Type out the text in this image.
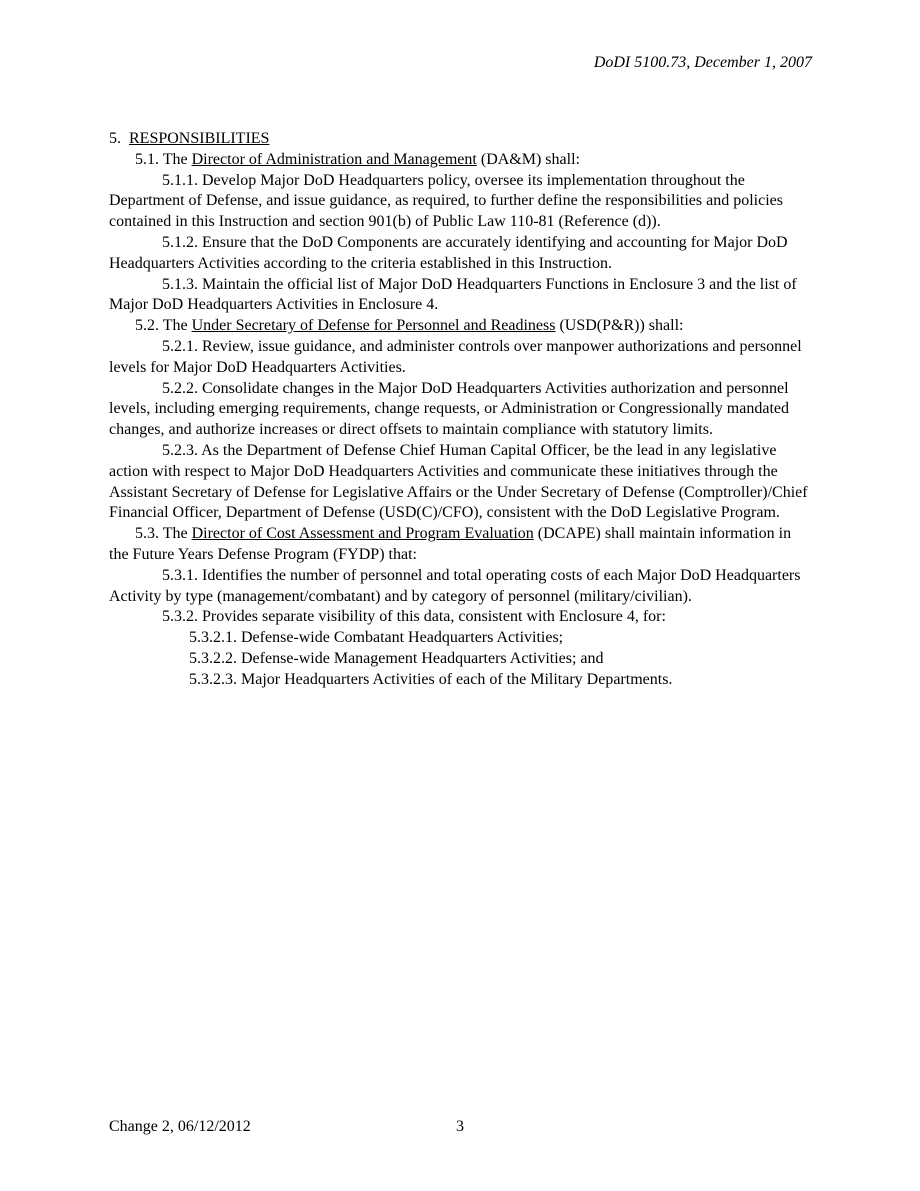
DoDI 5100.73, December 1, 2007

5. RESPONSIBILITIES

5.1. The Director of Administration and Management (DA&M) shall:

5.1.1. Develop Major DoD Headquarters policy, oversee its implementation throughout the Department of Defense, and issue guidance, as required, to further define the responsibilities and policies contained in this Instruction and section 901(b) of Public Law 110-81 (Reference (d)).

5.1.2. Ensure that the DoD Components are accurately identifying and accounting for Major DoD Headquarters Activities according to the criteria established in this Instruction.

5.1.3. Maintain the official list of Major DoD Headquarters Functions in Enclosure 3 and the list of Major DoD Headquarters Activities in Enclosure 4.

5.2. The Under Secretary of Defense for Personnel and Readiness (USD(P&R)) shall:

5.2.1. Review, issue guidance, and administer controls over manpower authorizations and personnel levels for Major DoD Headquarters Activities.

5.2.2. Consolidate changes in the Major DoD Headquarters Activities authorization and personnel levels, including emerging requirements, change requests, or Administration or Congressionally mandated changes, and authorize increases or direct offsets to maintain compliance with statutory limits.

5.2.3. As the Department of Defense Chief Human Capital Officer, be the lead in any legislative action with respect to Major DoD Headquarters Activities and communicate these initiatives through the Assistant Secretary of Defense for Legislative Affairs or the Under Secretary of Defense (Comptroller)/Chief Financial Officer, Department of Defense (USD(C)/CFO), consistent with the DoD Legislative Program.

5.3. The Director of Cost Assessment and Program Evaluation (DCAPE) shall maintain information in the Future Years Defense Program (FYDP) that:

5.3.1. Identifies the number of personnel and total operating costs of each Major DoD Headquarters Activity by type (management/combatant) and by category of personnel (military/civilian).

5.3.2. Provides separate visibility of this data, consistent with Enclosure 4, for:

5.3.2.1. Defense-wide Combatant Headquarters Activities;

5.3.2.2. Defense-wide Management Headquarters Activities; and

5.3.2.3. Major Headquarters Activities of each of the Military Departments.

Change 2, 06/12/2012	3
